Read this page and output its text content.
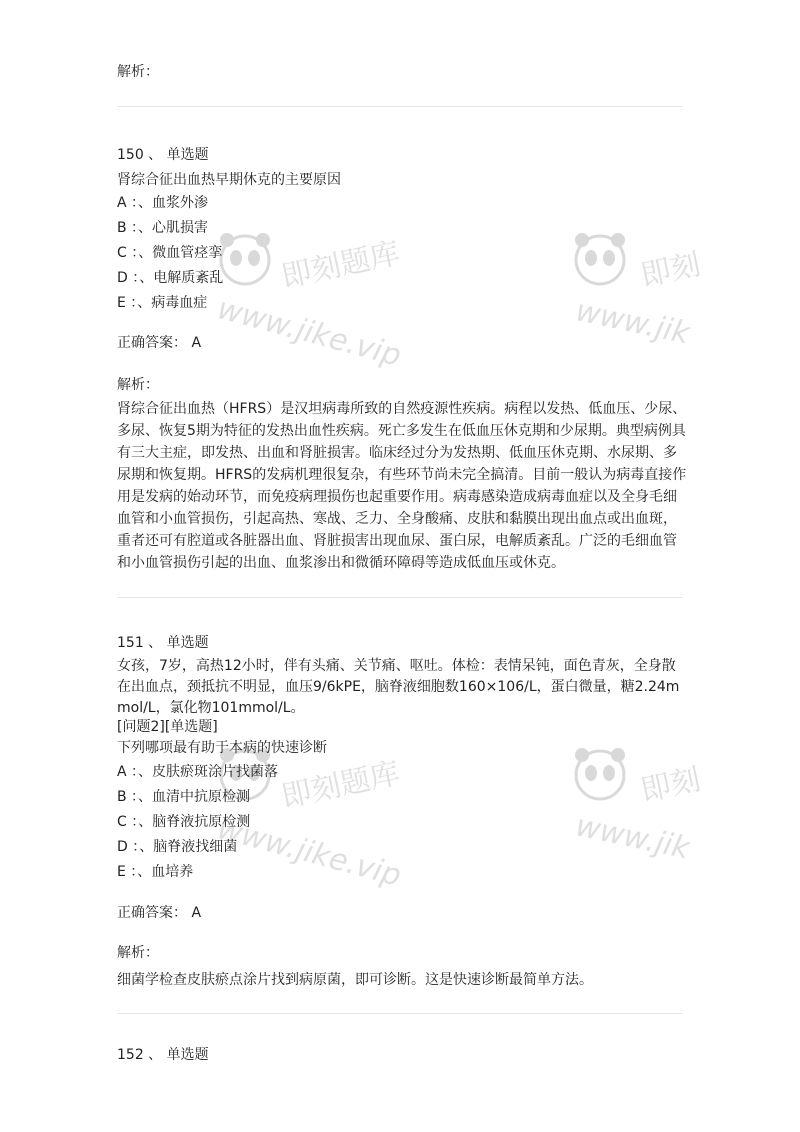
即刻题库
www.jike.vip
即刻
www.jik
即刻题库
www.jike.vip
即刻
www.jik
解析：
150 、 单选题
肾综合征出血热早期休克的主要原因
A ：、血浆外渗
B ：、心肌损害
C ：、微血管痉挛
D ：、电解质紊乱
E ：、病毒血症
正确答案： A
解析：
肾综合征出血热（HFRS）是汉坦病毒所致的自然疫源性疾病。病程以发热、低血压、少尿、多尿、恢复5期为特征的发热出血性疾病。死亡多发生在低血压休克期和少尿期。典型病例具有三大主症，即发热、出血和肾脏损害。临床经过分为发热期、低血压休克期、水尿期、多尿期和恢复期。HFRS的发病机理很复杂，有些环节尚未完全搞清。目前一般认为病毒直接作用是发病的始动环节，而免疫病理损伤也起重要作用。病毒感染造成病毒血症以及全身毛细血管和小血管损伤，引起高热、寒战、乏力、全身酸痛、皮肤和黏膜出现出血点或出血斑，重者还可有腔道或各脏器出血、肾脏损害出现血尿、蛋白尿，电解质紊乱。广泛的毛细血管和小血管损伤引起的出血、血浆渗出和微循环障碍等造成低血压或休克。
151 、 单选题
女孩，7岁，高热12小时，伴有头痛、关节痛、呕吐。体检：表情呆钝，面色青灰，全身散在出血点，颈抵抗不明显，血压9/6kPE，脑脊液细胞数160×106/L，蛋白微量，糖2.24mmol/L，氯化物101mmol/L。
[问题2][单选题]
下列哪项最有助于本病的快速诊断
A ：、皮肤瘀斑涂片找菌落
B ：、血清中抗原检测
C ：、脑脊液抗原检测
D ：、脑脊液找细菌
E ：、血培养
正确答案： A
解析：
细菌学检查皮肤瘀点涂片找到病原菌，即可诊断。这是快速诊断最简单方法。
152 、 单选题
